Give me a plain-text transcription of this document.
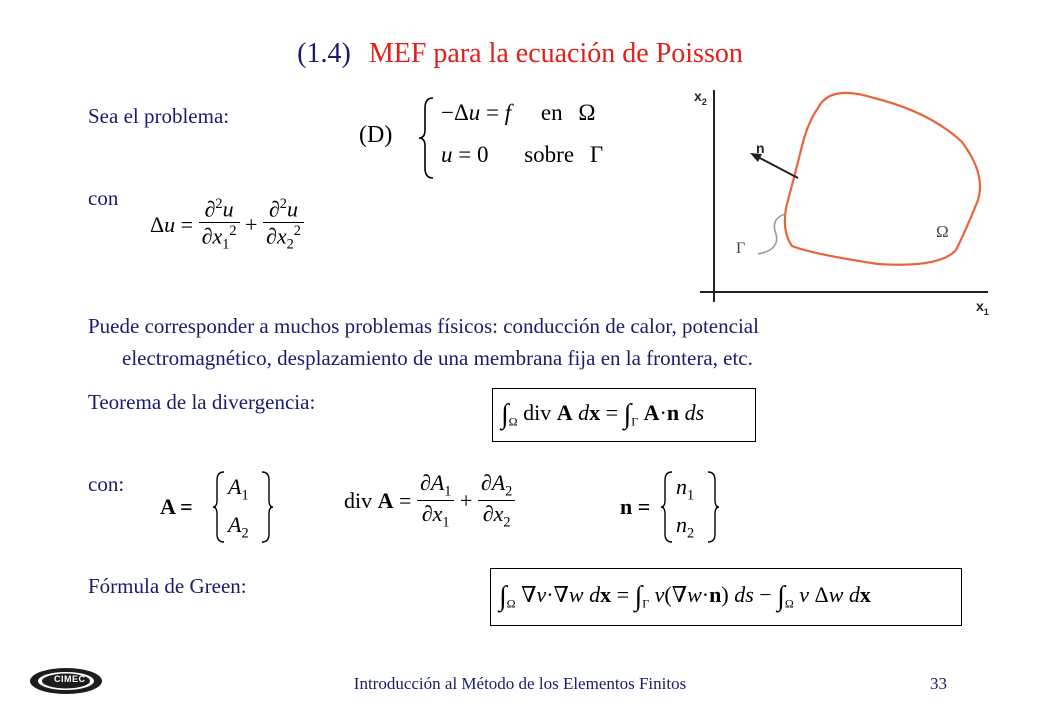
(1.4) MEF para la ecuación de Poisson
Sea el problema:
(D)
−Δu = f en Ω
u = 0 sobre Γ
$x_2$
$x_1$
n
Γ
Ω
con
$\Delta u = \frac{\partial^2u}{\partial x_1^2} + \frac{\partial^2u}{\partial x_2^2}$
Puede corresponder a muchos problemas físicos: conducción de calor, potencial
electromagnético, desplazamiento de una membrana fija en la frontera, etc.
Teorema de la divergencia:	$\int_\Omega$ div A dx = $\int_\Gamma$ A·n ds
con:
A =
$A_1$
$A_2$
div $A = \frac{\partial A_1}{\partial x_1} + \frac{\partial A_2}{\partial x_2}$	n =
$n_1$
$n_2$
Fórmula de Green:	$\int_\Omega$ ∇v·∇w dx = $\int_\Gamma$ v(∇w·n) ds − $\int_\Omega$ v Δw dx
CIMEC	Introducción al Método de los Elementos Finitos	33
